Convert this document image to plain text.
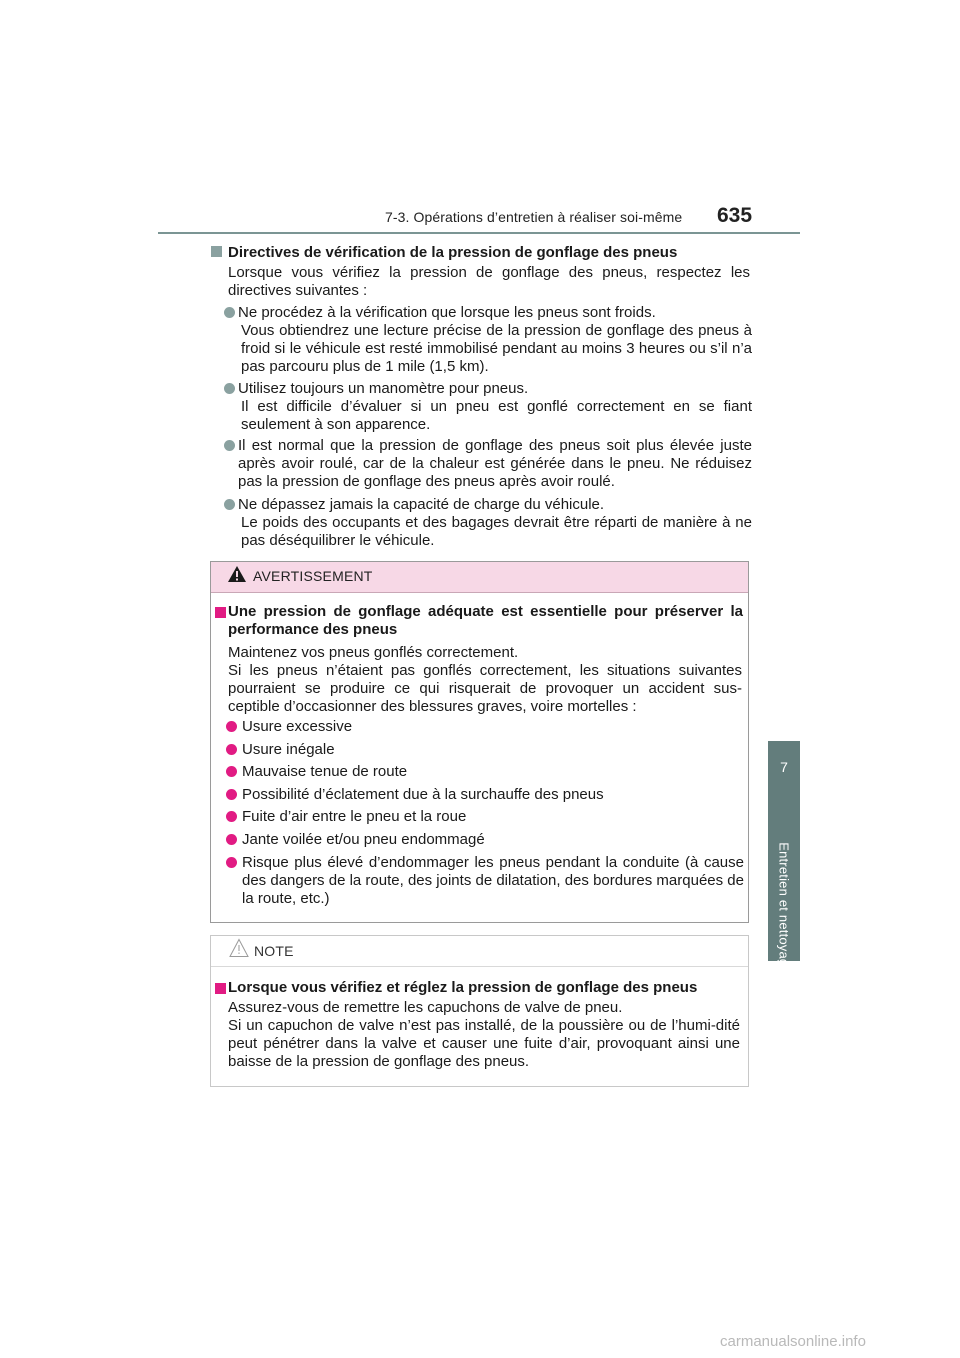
7-3. Opérations d’entretien à réaliser soi-même 635
7
Entretien et nettoyage
Directives de vérification de la pression de gonflage des pneus
Lorsque vous vérifiez la pression de gonflage des pneus, respectez les directives suivantes :
Ne procédez à la vérification que lorsque les pneus sont froids.
Vous obtiendrez une lecture précise de la pression de gonflage des pneus à froid si le véhicule est resté immobilisé pendant au moins 3 heures ou s’il n’a pas parcouru plus de 1 mile (1,5 km).
Utilisez toujours un manomètre pour pneus.
Il est difficile d’évaluer si un pneu est gonflé correctement en se fiant seulement à son apparence.
Il est normal que la pression de gonflage des pneus soit plus élevée juste après avoir roulé, car de la chaleur est générée dans le pneu. Ne réduisez pas la pression de gonflage des pneus après avoir roulé.
Ne dépassez jamais la capacité de charge du véhicule.
Le poids des occupants et des bagages devrait être réparti de manière à ne pas déséquilibrer le véhicule.
AVERTISSEMENT
Une pression de gonflage adéquate est essentielle pour préserver la performance des pneus
Maintenez vos pneus gonflés correctement.
Si les pneus n’étaient pas gonflés correctement, les situations suivantes pourraient se produire ce qui risquerait de provoquer un accident sus-ceptible d’occasionner des blessures graves, voire mortelles :
Usure excessive
Usure inégale
Mauvaise tenue de route
Possibilité d’éclatement due à la surchauffe des pneus
Fuite d’air entre le pneu et la roue
Jante voilée et/ou pneu endommagé
Risque plus élevé d’endommager les pneus pendant la conduite (à cause des dangers de la route, des joints de dilatation, des bordures marquées de la route, etc.)
NOTE
Lorsque vous vérifiez et réglez la pression de gonflage des pneus
Assurez-vous de remettre les capuchons de valve de pneu.
Si un capuchon de valve n’est pas installé, de la poussière ou de l’humi-dité peut pénétrer dans la valve et causer une fuite d’air, provoquant ainsi une baisse de la pression de gonflage des pneus.
carmanualsonline.info
